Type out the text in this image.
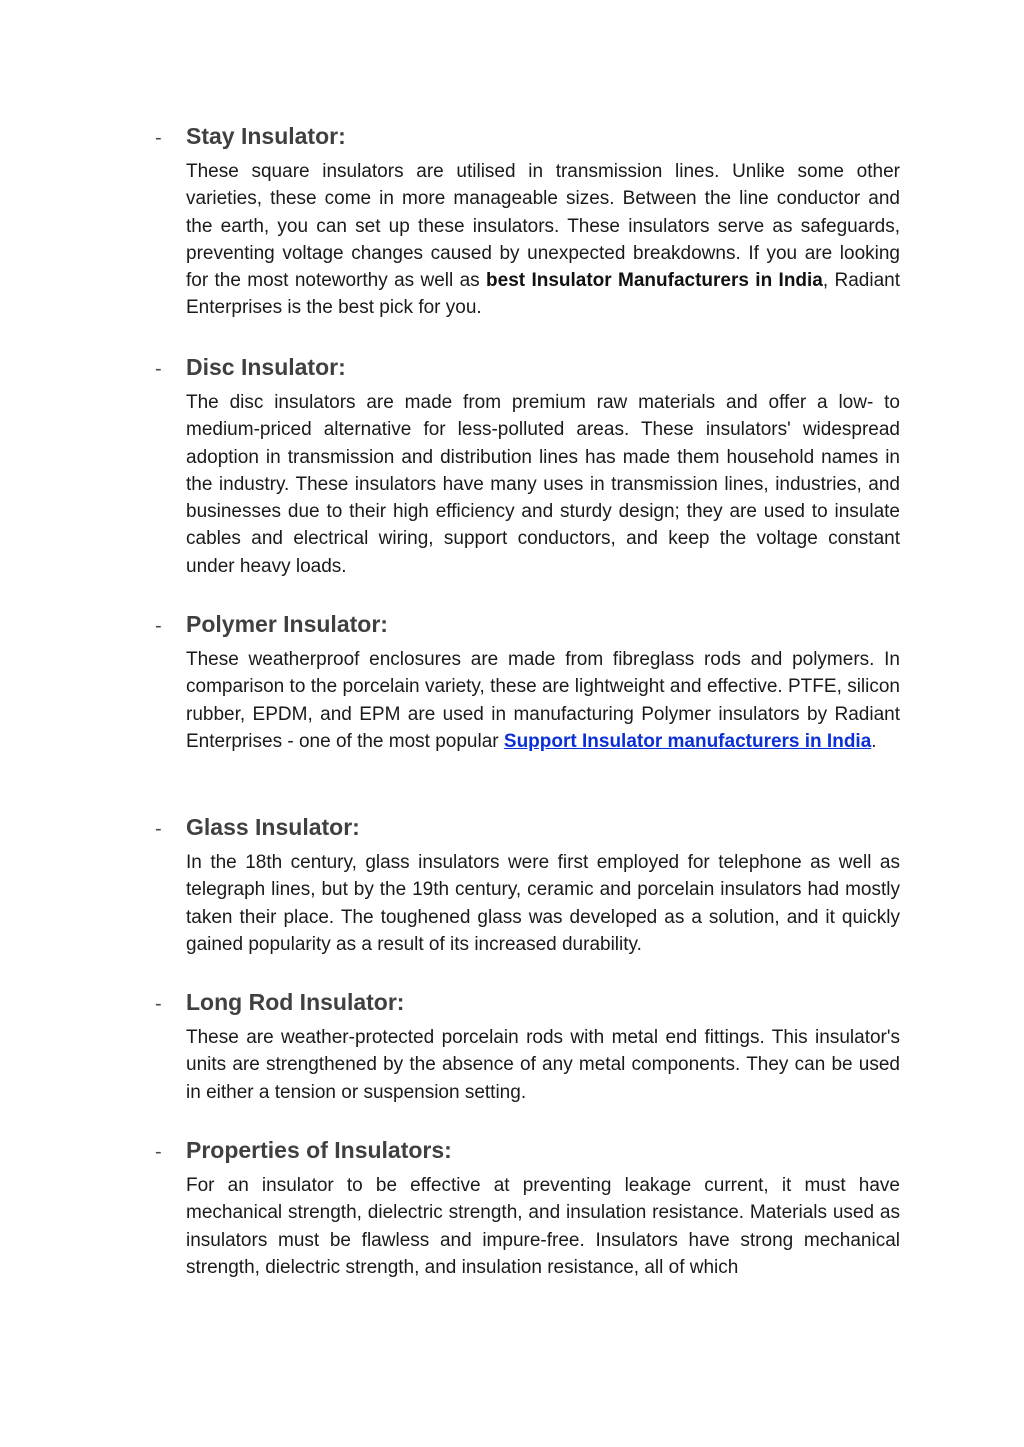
-	Stay Insulator:

These square insulators are utilised in transmission lines. Unlike some other varieties, these come in more manageable sizes. Between the line conductor and the earth, you can set up these insulators. These insulators serve as safeguards, preventing voltage changes caused by unexpected breakdowns. If you are looking for the most noteworthy as well as best Insulator Manufacturers in India, Radiant Enterprises is the best pick for you.

-	Disc Insulator:

The disc insulators are made from premium raw materials and offer a low- to medium-priced alternative for less-polluted areas. These insulators' widespread adoption in transmission and distribution lines has made them household names in the industry. These insulators have many uses in transmission lines, industries, and businesses due to their high efficiency and sturdy design; they are used to insulate cables and electrical wiring, support conductors, and keep the voltage constant under heavy loads.

-	Polymer Insulator:

These weatherproof enclosures are made from fibreglass rods and polymers. In comparison to the porcelain variety, these are lightweight and effective. PTFE, silicon rubber, EPDM, and EPM are used in manufacturing Polymer insulators by Radiant Enterprises - one of the most popular Support Insulator manufacturers in India.

-	Glass Insulator:

In the 18th century, glass insulators were first employed for telephone as well as telegraph lines, but by the 19th century, ceramic and porcelain insulators had mostly taken their place. The toughened glass was developed as a solution, and it quickly gained popularity as a result of its increased durability.

-	Long Rod Insulator:

These are weather-protected porcelain rods with metal end fittings. This insulator's units are strengthened by the absence of any metal components. They can be used in either a tension or suspension setting.

-	Properties of Insulators:

For an insulator to be effective at preventing leakage current, it must have mechanical strength, dielectric strength, and insulation resistance. Materials used as insulators must be flawless and impure-free. Insulators have strong mechanical strength, dielectric strength, and insulation resistance, all of which
